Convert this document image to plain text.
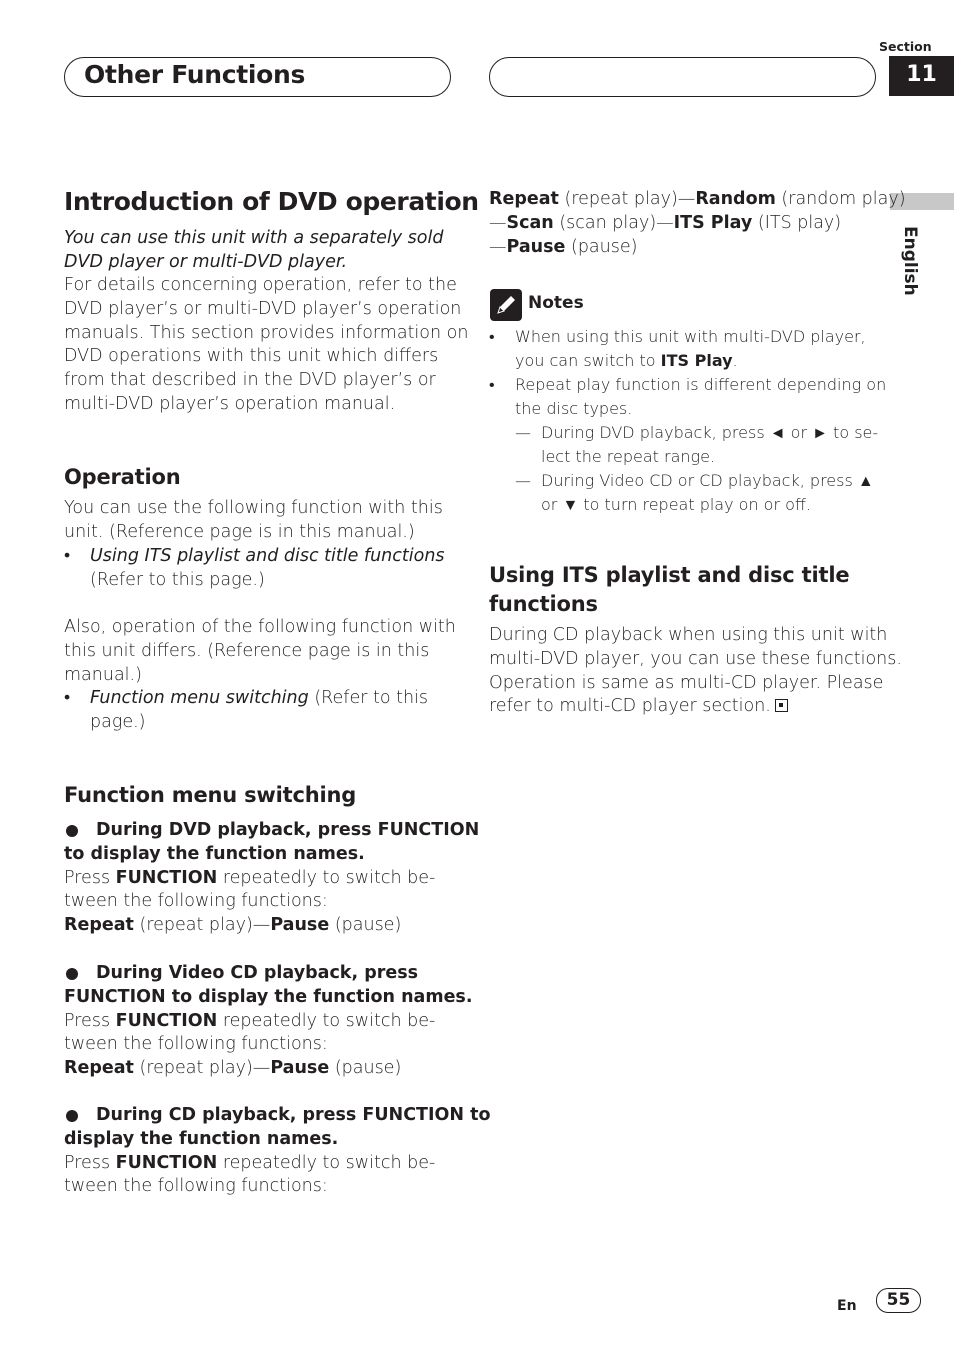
Other Functions
Section
11
English
Introduction of DVD operation
You can use this unit with a separately sold
DVD player or multi-DVD player.
For details concerning operation, refer to the
DVD player’s or multi-DVD player’s operation
manuals. This section provides information on
DVD operations with this unit which differs
from that described in the DVD player’s or
multi-DVD player’s operation manual.
Operation
You can use the following function with this
unit. (Reference page is in this manual.)
• Using ITS playlist and disc title functions
(Refer to this page.)
Also, operation of the following function with
this unit differs. (Reference page is in this
manual.)
• Function menu switching (Refer to this
page.)
Function menu switching
During DVD playback, press FUNCTION
to display the function names.
Press FUNCTION repeatedly to switch be-
tween the following functions:
Repeat (repeat play)—Pause (pause)
During Video CD playback, press
FUNCTION to display the function names.
Press FUNCTION repeatedly to switch be-
tween the following functions:
Repeat (repeat play)—Pause (pause)
During CD playback, press FUNCTION to
display the function names.
Press FUNCTION repeatedly to switch be-
tween the following functions:
Repeat (repeat play)—Random (random play)
—Scan (scan play)—ITS Play (ITS play)
—Pause (pause)
Notes
• When using this unit with multi-DVD player,
you can switch to ITS Play.
• Repeat play function is different depending on
the disc types.
— During DVD playback, press ◄ or ► to se-
lect the repeat range.
— During Video CD or CD playback, press ▲
or ▼ to turn repeat play on or off.
Using ITS playlist and disc title
functions
During CD playback when using this unit with
multi-DVD player, you can use these functions.
Operation is same as multi-CD player. Please
refer to multi-CD player section.
En	55
